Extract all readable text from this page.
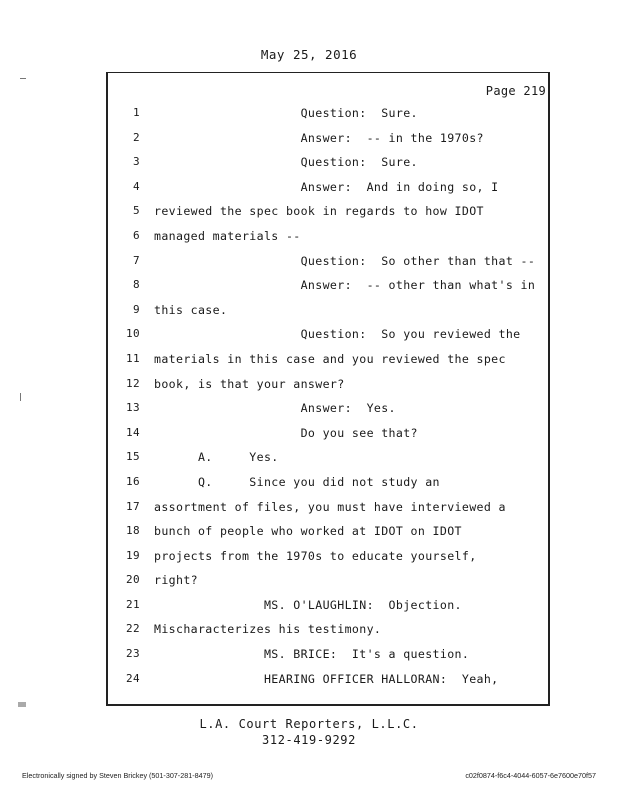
May 25, 2016
Page 219
1 Question:  Sure.
2 Answer:  -- in the 1970s?
3 Question:  Sure.
4 Answer:  And in doing so, I
5 reviewed the spec book in regards to how IDOT
6 managed materials --
7 Question:  So other than that --
8 Answer:  -- other than what's in
9 this case.
10 Question:  So you reviewed the
11 materials in this case and you reviewed the spec
12 book, is that your answer?
13 Answer:  Yes.
14 Do you see that?
15 A.     Yes.
16 Q.     Since you did not study an
17 assortment of files, you must have interviewed a
18 bunch of people who worked at IDOT on IDOT
19 projects from the 1970s to educate yourself,
20 right?
21 MS. O'LAUGHLIN:  Objection.
22 Mischaracterizes his testimony.
23 MS. BRICE:  It's a question.
24 HEARING OFFICER HALLORAN:  Yeah,
L.A. Court Reporters, L.L.C.
312-419-9292
Electronically signed by Steven Brickey (501-307-281-8479)	c02f0874-f6c4-4044-6057-6e7600e70f57
